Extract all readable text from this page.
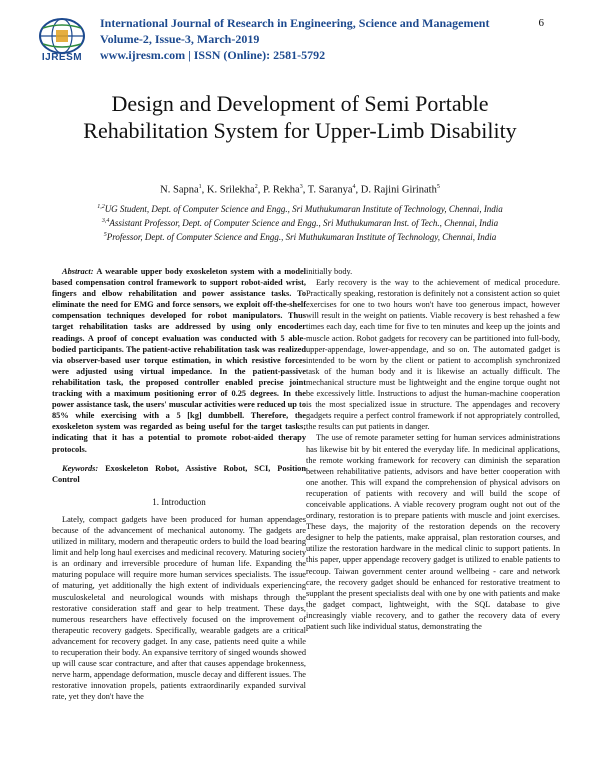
IJRESM
International Journal of Research in Engineering, Science and Management
Volume-2, Issue-3, March-2019
www.ijresm.com | ISSN (Online): 2581-5792
6
Design and Development of Semi Portable Rehabilitation System for Upper-Limb Disability
N. Sapna$^1$, K. Srilekha$^2$, P. Rekha$^3$, T. Saranya$^4$, D. Rajini Girinath$^5$
$^{1,2}$UG Student, Dept. of Computer Science and Engg., Sri Muthukumaran Institute of Technology, Chennai, India
$^{3,4}$Assistant Professor, Dept. of Computer Science and Engg., Sri Muthukumaran Inst. of Tech., Chennai, India
$^5$Professor, Dept. of Computer Science and Engg., Sri Muthukumaran Institute of Technology, Chennai, India

Abstract: A wearable upper body exoskeleton system with a model based compensation control framework to support robot-aided wrist, fingers and elbow rehabilitation and power assistance tasks. To eliminate the need for EMG and force sensors, we exploit off-the-shelf compensation techniques developed for robot manipulators. Thus target rehabilitation tasks are addressed by using only encoder readings. A proof of concept evaluation was conducted with 5 able-bodied participants. The patient-active rehabilitation task was realized via observer-based user torque estimation, in which resistive forces were adjusted using virtual impedance. In the patient-passive rehabilitation task, the proposed controller enabled precise joint tracking with a maximum positioning error of 0.25 degrees. In the power assistance task, the users' muscular activities were reduced up to 85% while exercising with a 5 [kg] dumbbell. Therefore, the exoskeleton system was regarded as being useful for the target tasks; indicating that it has a potential to promote robot-aided therapy protocols.

Keywords: Exoskeleton Robot, Assistive Robot, SCI, Position Control

1. Introduction

Lately, compact gadgets have been produced for human appendages because of the advancement of mechanical autonomy. The gadgets are utilized in military, modern and therapeutic orders to build the load bearing limit and help long haul exercises and medicinal recovery. Maturing society is an ordinary and irreversible procedure of human life. Expanding the maturing populace will require more human services specialists. The issue of maturing, yet additionally the high extent of individuals experiencing musculoskeletal and neurological wounds with mishaps through the restorative consideration staff and gear to help treatment. These days, numerous researchers have effectively focused on the improvement of therapeutic recovery gadgets. Specifically, wearable gadgets are a critical advancement for recovery gadget. In any case, patients need quite a while to recuperation their body. An expansive territory of singed wounds showed up will cause scar contracture, and after that causes appendage brokenness, nerve harm, appendage deformation, muscle decay and different issues. The restorative innovation propels, patients extraordinarily expanded survival rate, yet they don't have the

initially body.

Early recovery is the way to the achievement of medical procedure. Practically speaking, restoration is definitely not a consistent action so quiet exercises for one to two hours won't have too generous impact, however will result in the weight on patients. Viable recovery is best rehashed a few times each day, each time for five to ten minutes and keep up the joints and muscle action. Robot gadgets for recovery can be partitioned into full-body, upper-appendage, lower-appendage, and so on. The automated gadget is intended to be worn by the client or patient to accomplish synchronized task of the human body and it is likewise an actually difficult. The mechanical structure must be lightweight and the engine torque ought not be excessively little. Instructions to adjust the human-machine cooperation is the most specialized issue in structure. The appendages and recovery gadgets require a perfect control framework if not appropriately controlled, the results can put patients in danger.

The use of remote parameter setting for human services administrations has likewise bit by bit entered the everyday life. In medicinal applications, the remote working framework for recovery can diminish the separation between rehabilitative patients, advisors and have better cooperation with one another. This will expand the comprehension of physical advisors on recuperation of patients with recovery and will build the scope of conceivable applications. A viable recovery program ought not out of the ordinary, restoration is to prepare patients with muscle and joint exercises. These days, the majority of the restoration depends on the recovery designer to help the patients, make appraisal, plan restoration courses, and utilize the restoration hardware in the medical clinic to support patients. In this paper, upper appendage recovery gadget is utilized to enable patients to recoup. Taiwan government center around wellbeing - care and network care, the recovery gadget should be enhanced for restorative treatment to supplant the present specialists deal with one by one with patients and make the gadget compact, lightweight, with the SQL database to give increasingly viable recovery, and to gather the recovery data of every patient such like individual status, demonstrating the
